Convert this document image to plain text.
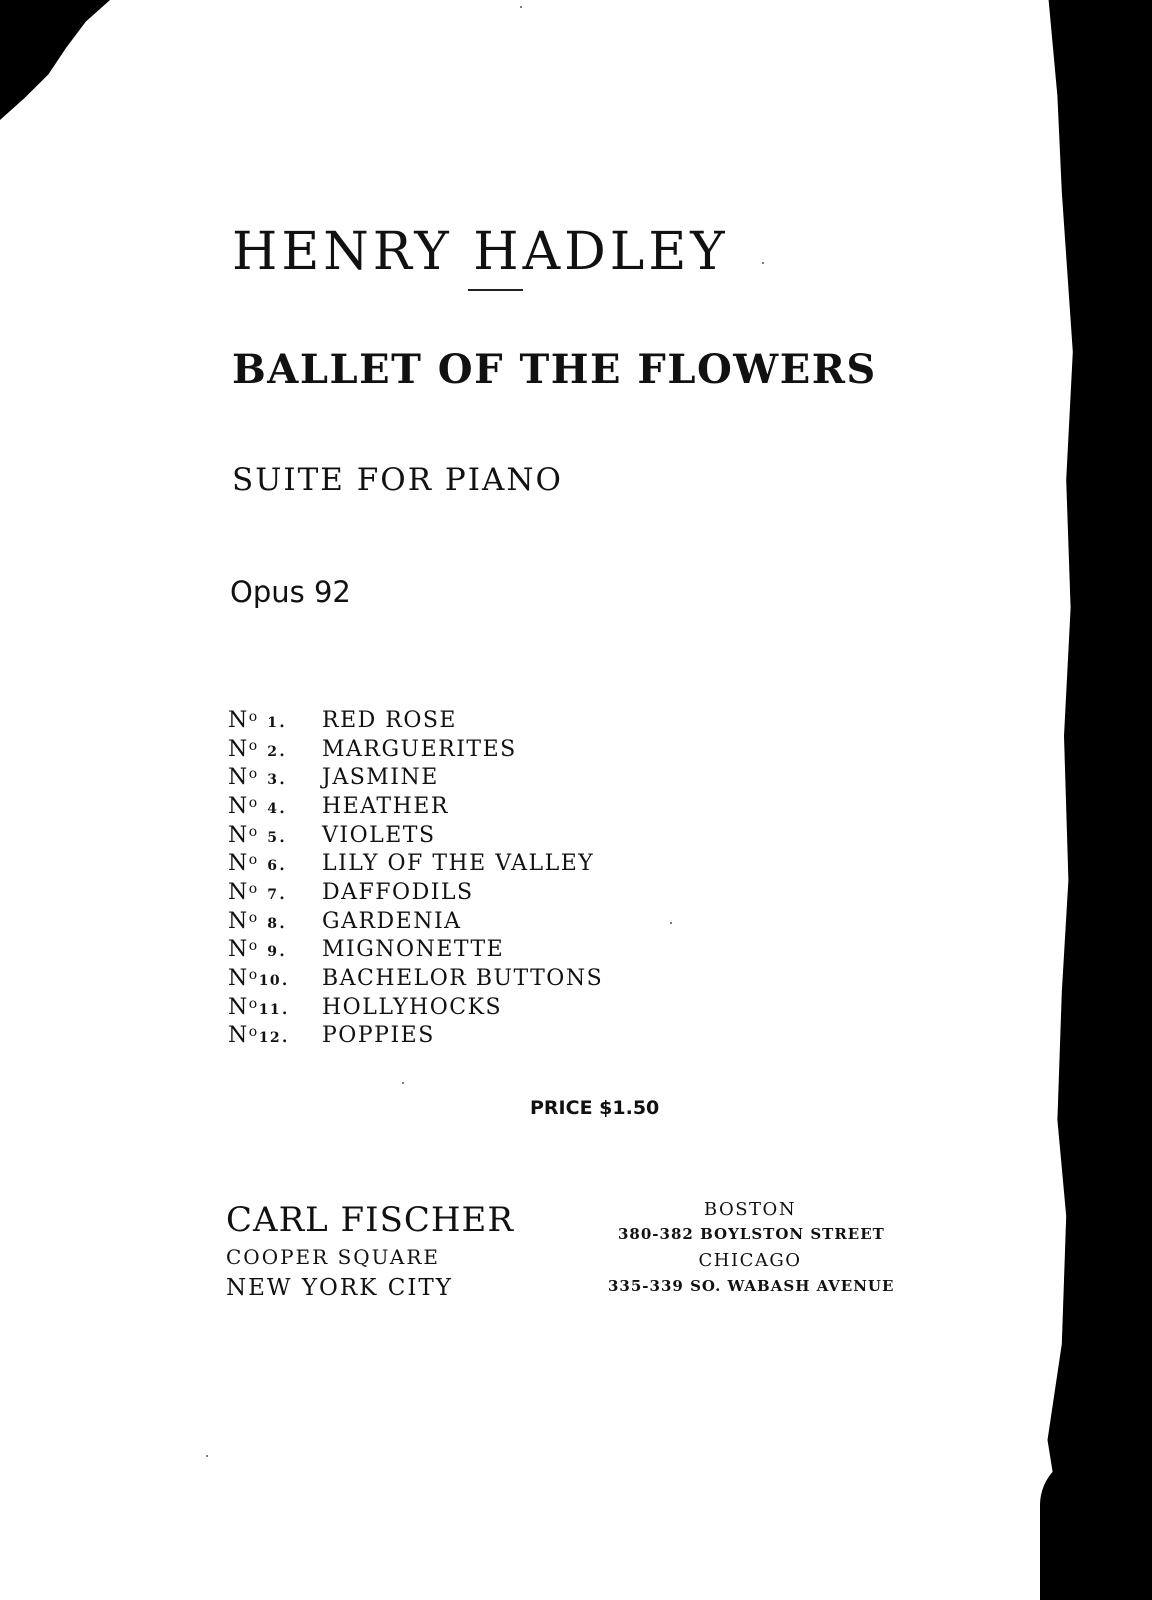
HENRY HADLEY
BALLET OF THE FLOWERS
SUITE FOR PIANO
Opus 92
$N^o$ 1.	RED ROSE
$N^o$ 2.	MARGUERITES
$N^o$ 3.	JASMINE
$N^o$ 4.	HEATHER
$N^o$ 5.	VIOLETS
$N^o$ 6.	LILY OF THE VALLEY
$N^o$ 7.	DAFFODILS
$N^o$ 8.	GARDENIA
$N^o$ 9.	MIGNONETTE
$N^o10$.	BACHELOR BUTTONS
$N^o11$.	HOLLYHOCKS
$N^o12$.	POPPIES
PRICE $1.50
CARL FISCHER
COOPER SQUARE
NEW YORK CITY
BOSTON
380-382 BOYLSTON STREET
CHICAGO
335-339 SO. WABASH AVENUE
